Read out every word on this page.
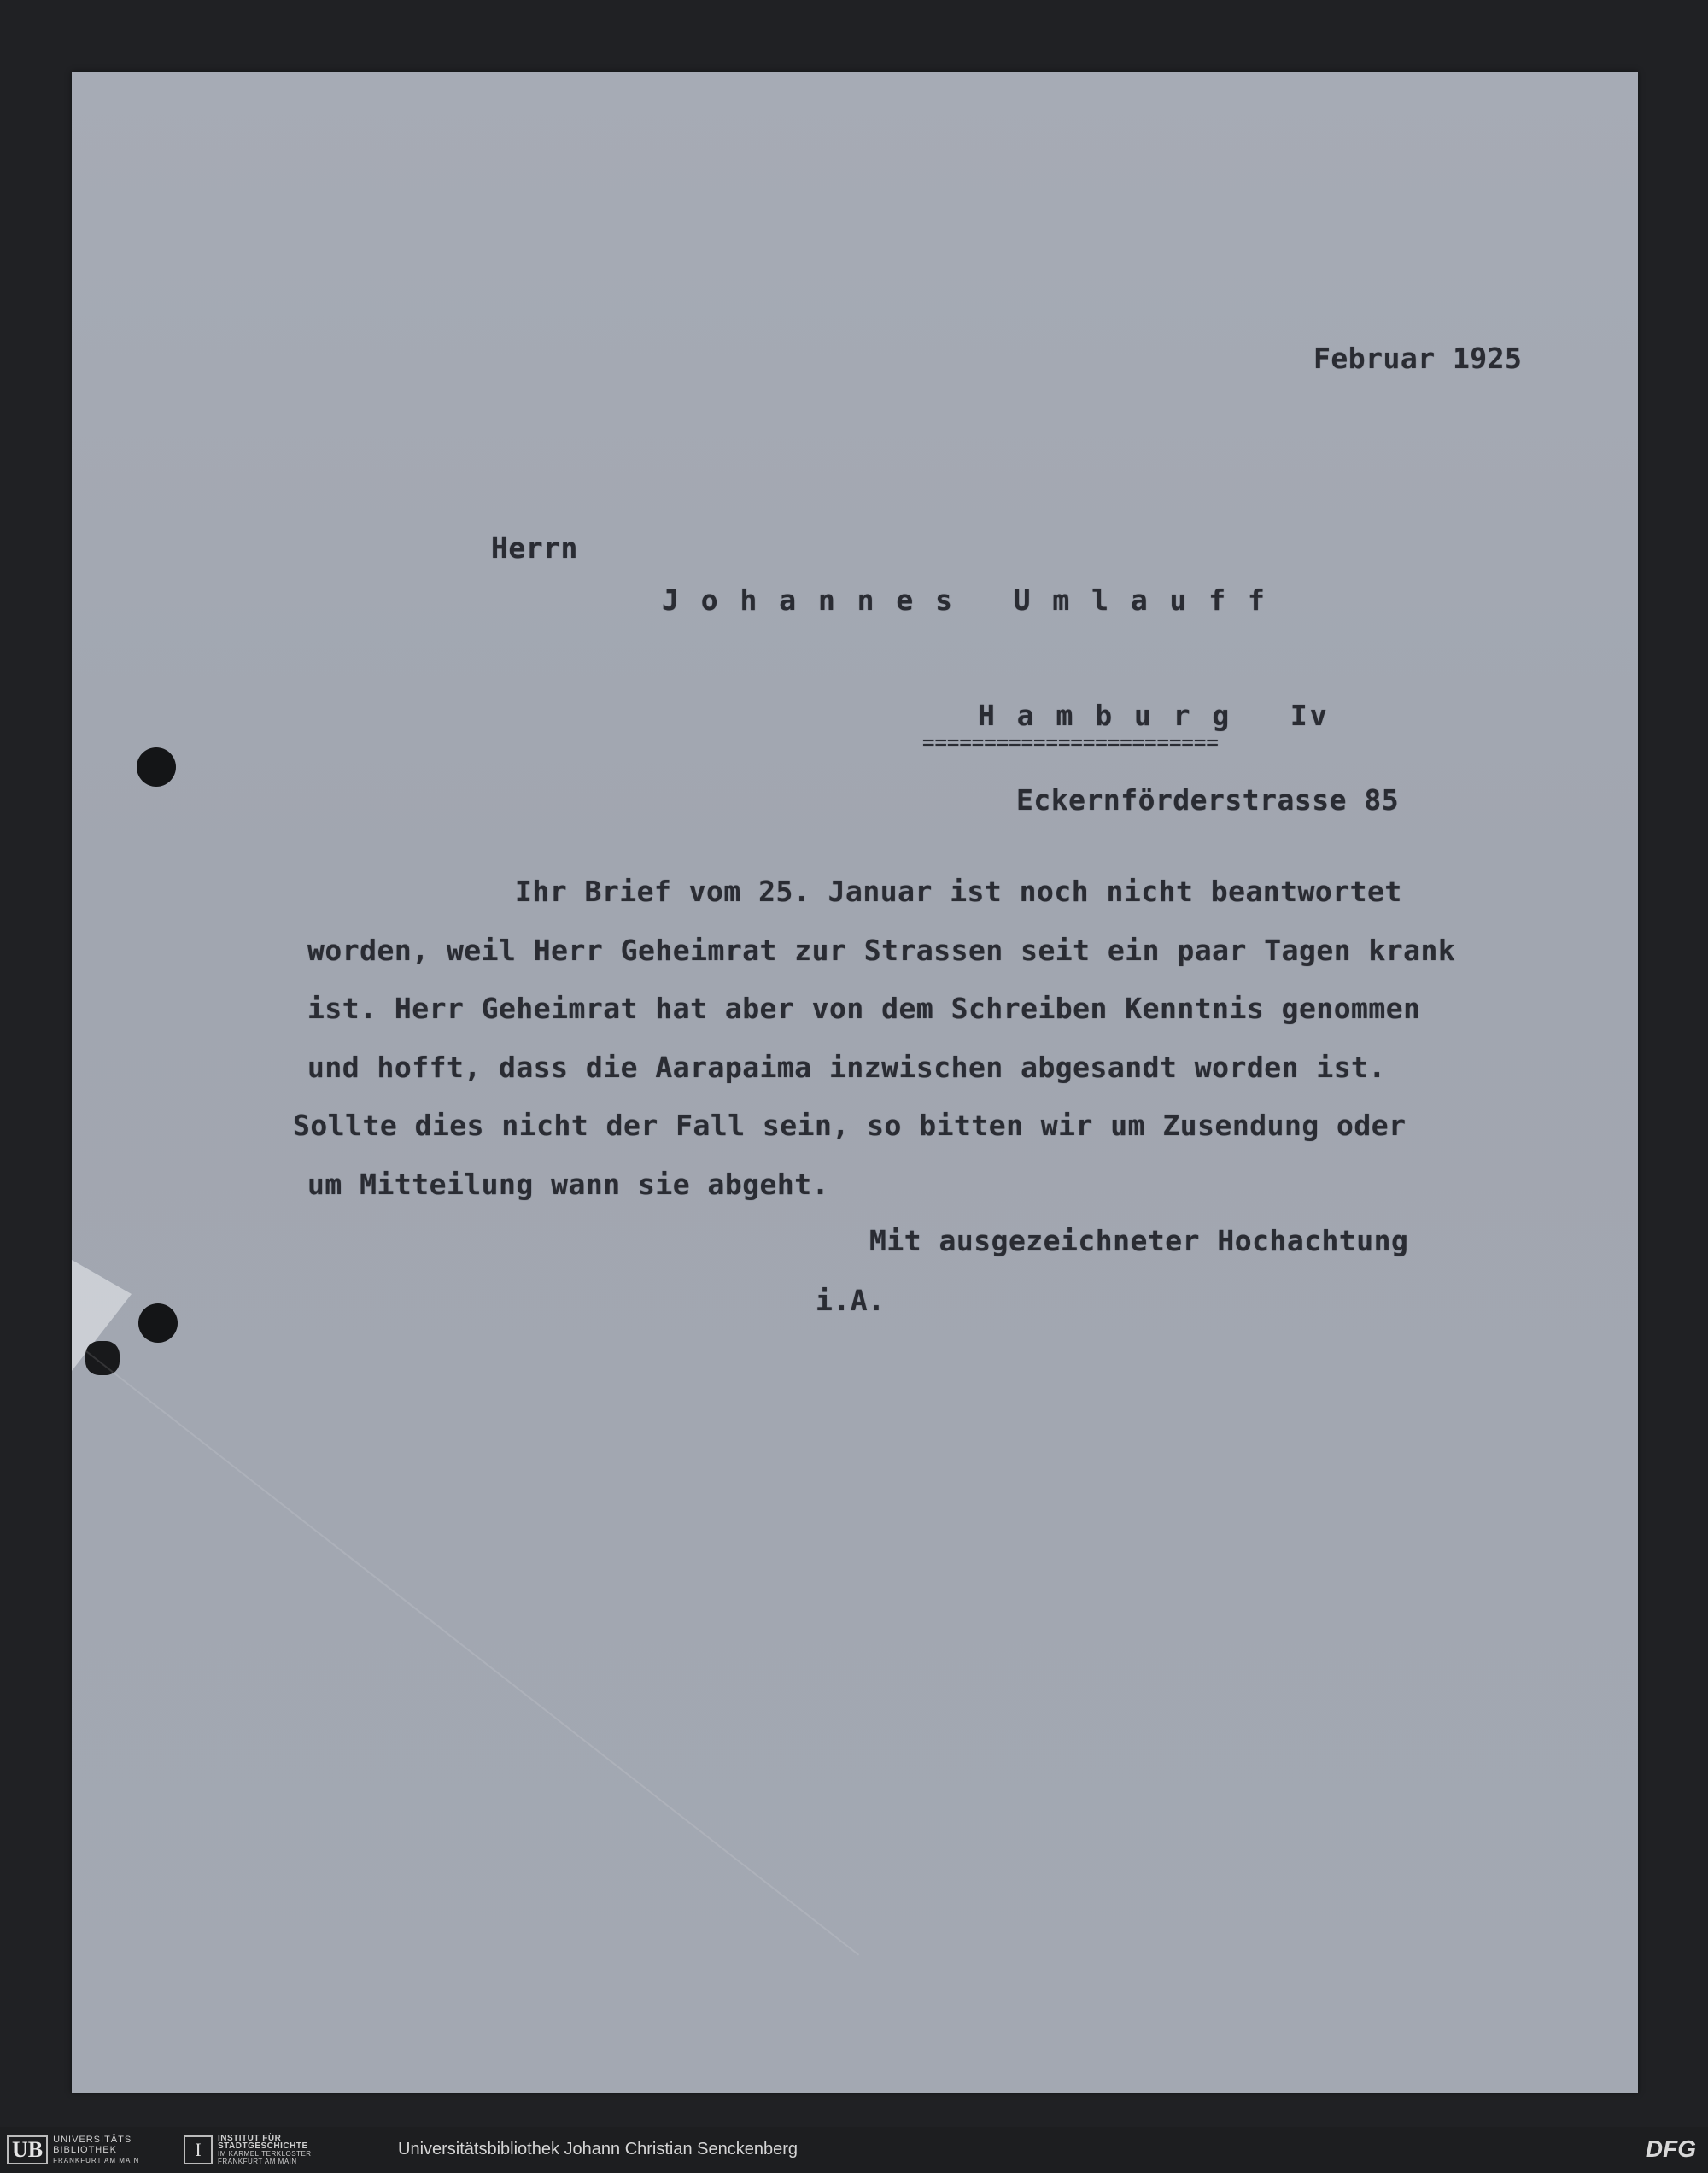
Februar 1925
Herrn
J o h a n n e s   U m l a u f f
H a m b u r g   Iv
========================
Eckernförderstrasse 85
Ihr Brief vom 25. Januar ist noch nicht beantwortet
worden, weil Herr Geheimrat zur Strassen seit ein paar Tagen krank
ist. Herr Geheimrat hat aber von dem Schreiben Kenntnis genommen
und hofft, dass die Aarapaima inzwischen abgesandt worden ist.
Sollte dies nicht der Fall sein, so bitten wir um Zusendung oder
um Mitteilung wann sie abgeht.
Mit ausgezeichneter Hochachtung
i.A.
UB	UNIVERSITÄTS
BIBLIOTHEK
FRANKFURT AM MAIN	I
INSTITUT FÜR
STADTGESCHICHTE
IM KARMELITERKLOSTER
FRANKFURT AM MAIN
Universitätsbibliothek Johann Christian Senckenberg	DFG
